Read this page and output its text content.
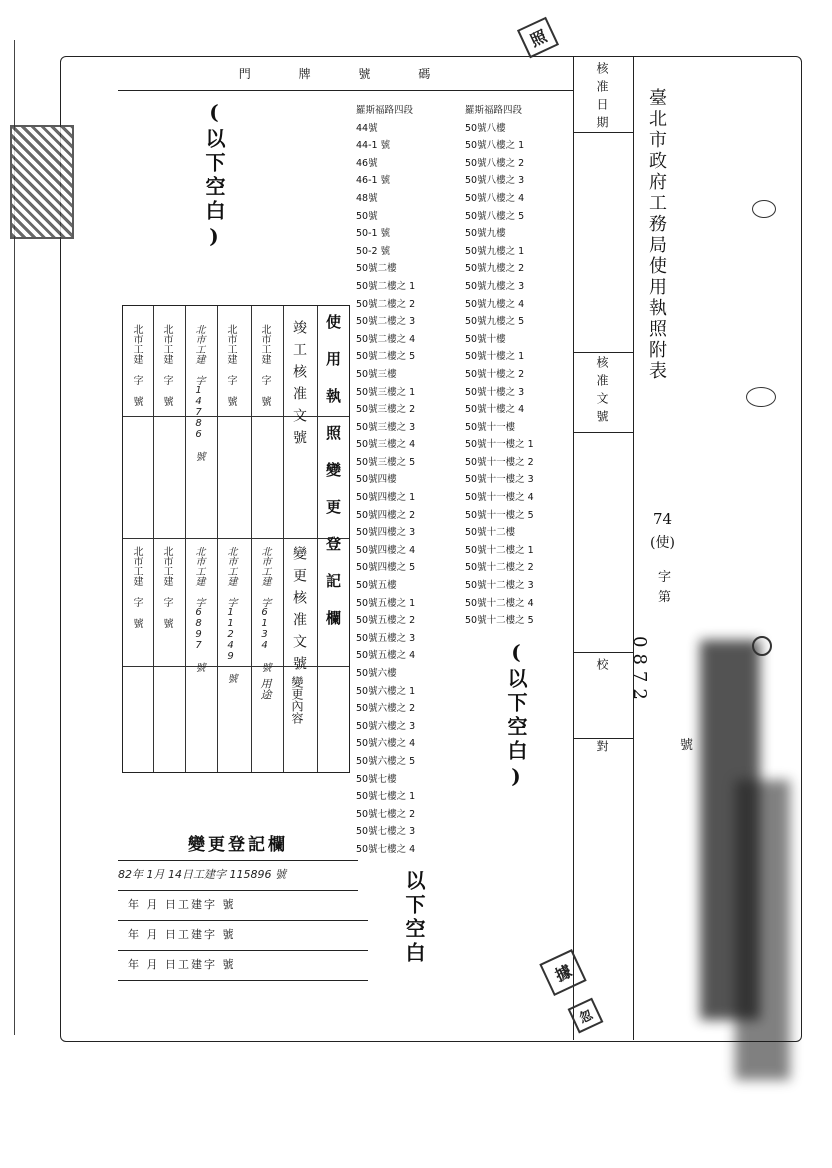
門 牌 號 碼	核准日期
核准文號
校 對
臺北市政府工務局使用執照附表
74
(使)
字
第
0872
號
羅斯福路四段
44號
44-1 號
46號
46-1 號
48號
50號
50-1 號
50-2 號
50號二樓
50號二樓之 1
50號二樓之 2
50號二樓之 3
50號二樓之 4
50號二樓之 5
50號三樓
50號三樓之 1
50號三樓之 2
50號三樓之 3
50號三樓之 4
50號三樓之 5
50號四樓
50號四樓之 1
50號四樓之 2
50號四樓之 3
50號四樓之 4
50號四樓之 5
50號五樓
50號五樓之 1
50號五樓之 2
50號五樓之 3
50號五樓之 4
50號六樓
50號六樓之 1
50號六樓之 2
50號六樓之 3
50號六樓之 4
50號六樓之 5
50號七樓
50號七樓之 1
50號七樓之 2
50號七樓之 3
50號七樓之 4
羅斯福路四段
50號八樓
50號八樓之 1
50號八樓之 2
50號八樓之 3
50號八樓之 4
50號八樓之 5
50號九樓
50號九樓之 1
50號九樓之 2
50號九樓之 3
50號九樓之 4
50號九樓之 5
50號十樓
50號十樓之 1
50號十樓之 2
50號十樓之 3
50號十樓之 4
50號十一樓
50號十一樓之 1
50號十一樓之 2
50號十一樓之 3
50號十一樓之 4
50號十一樓之 5
50號十二樓
50號十二樓之 1
50號十二樓之 2
50號十二樓之 3
50號十二樓之 4
50號十二樓之 5
(以下空白)
(以下空白)
以下空白
使用執照變更登記欄
竣工核准文號
變更核准文號
變更內容
用途
北市工建 字6134 號
北市工建 字 號
北市工建 字11249 號
北市工建 字 號
北市工建 字6897 號
北市工建 字14786 號
北市工建 字 號
北市工建 字 號
北市工建 字 號
北市工建 字 號
變更登記欄
82年 1月 14日工建字 115896 號
年 月 日工建字 號
年 月 日工建字 號
年 月 日工建字 號
照
據
忽
